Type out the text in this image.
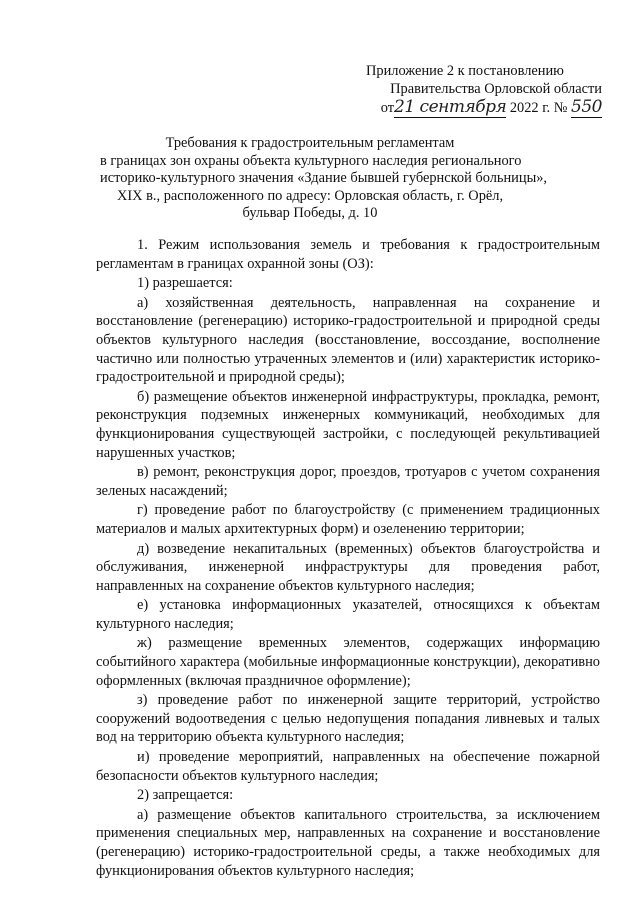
Приложение 2 к постановлению
Правительства Орловской области
от21 сентября 2022 г. № 550
Требования к градостроительным регламентам
в границах зон охраны объекта культурного наследия регионального
историко-культурного значения «Здание бывшей губернской больницы»,
XIX в., расположенного по адресу: Орловская область, г. Орёл,
бульвар Победы, д. 10

1. Режим использования земель и требования к градостроительным регламентам в границах охранной зоны (ОЗ):

1) разрешается:

а) хозяйственная деятельность, направленная на сохранение и восстановление (регенерацию) историко-градостроительной и природной среды объектов культурного наследия (восстановление, воссоздание, восполнение частично или полностью утраченных элементов и (или) характеристик историко-градостроительной и природной среды);

б) размещение объектов инженерной инфраструктуры, прокладка, ремонт, реконструкция подземных инженерных коммуникаций, необходимых для функционирования существующей застройки, с последующей рекультивацией нарушенных участков;

в) ремонт, реконструкция дорог, проездов, тротуаров с учетом сохранения зеленых насаждений;

г) проведение работ по благоустройству (с применением традиционных материалов и малых архитектурных форм) и озеленению территории;

д) возведение некапитальных (временных) объектов благоустройства и обслуживания, инженерной инфраструктуры для проведения работ, направленных на сохранение объектов культурного наследия;

е) установка информационных указателей, относящихся к объектам культурного наследия;

ж) размещение временных элементов, содержащих информацию событийного характера (мобильные информационные конструкции), декоративно оформленных (включая праздничное оформление);

з) проведение работ по инженерной защите территорий, устройство сооружений водоотведения с целью недопущения попадания ливневых и талых вод на территорию объекта культурного наследия;

и) проведение мероприятий, направленных на обеспечение пожарной безопасности объектов культурного наследия;

2) запрещается:

а) размещение объектов капитального строительства, за исключением применения специальных мер, направленных на сохранение и восстановление (регенерацию) историко-градостроительной среды, а также необходимых для функционирования объектов культурного наследия;
